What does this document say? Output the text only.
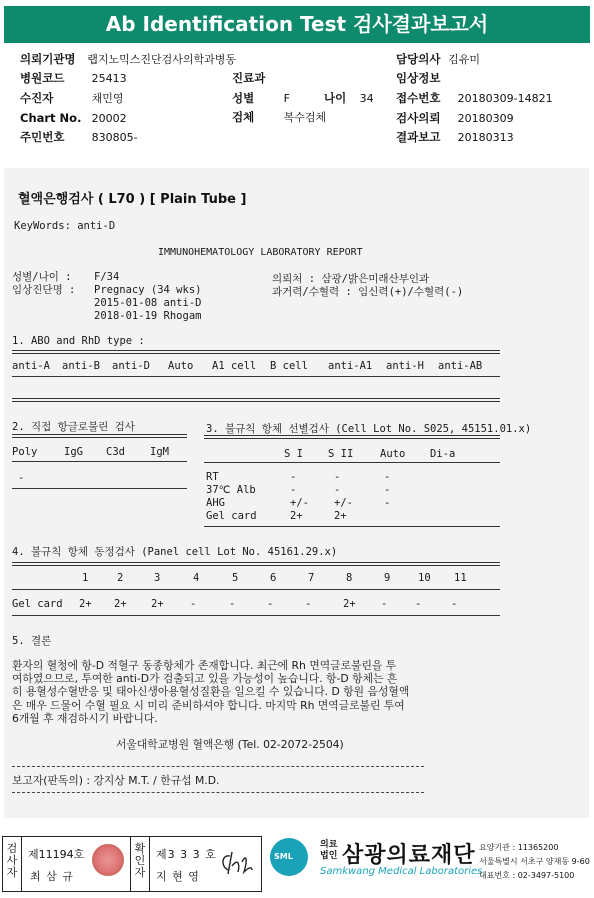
Ab Identification Test 검사결과보고서
의뢰기관명 랩지노믹스진단검사의학과병동	담당의사 김유미
병원코드 25413	진료과	임상정보
수진자	채민영	성별	F	나이 34 접수번호 20180309-14821
Chart No. 20002	검체	복수검체	검사의뢰 20180309
주민번호 830805-	결과보고 20180313
혈액은행검사 ( L70 ) [ Plain Tube ]
KeyWords: anti-D
IMMUNOHEMATOLOGY LABORATORY REPORT
성별/나이 : F/34
임상진단명 : Pregnacy (34 wks)
2015-01-08 anti-D
2018-01-19 Rhogam
의뢰처 : 삼광/밝은미래산부인과
과거력/수혈력 : 임신력(+)/수혈력(-)
1. ABO and RhD type :
anti-A anti-B anti-D Auto A1 cell B cell anti-A1 anti-H anti-AB
2. 직접 항글로불린 검사
Poly	IgG C3d IgM
-
3. 불규칙 항체 선별검사 (Cell Lot No. S025, 45151.01.x)
S I S II	Auto Di-a
RT	-	-	-
37℃ Alb	-	-	-
AHG	+/- +/-	-
Gel card	2+	2+
4. 불규칙 항체 동정검사 (Panel cell Lot No. 45161.29.x)
1	2	3	4	5	6	7	8	9	10 11
Gel card 2+ 2+ 2+	-	-	-	-	2+ -	-	-
5. 결론
환자의 혈청에 항-D 적혈구 동종항체가 존재합니다. 최근에 Rh 면역글로불린을 투
여하였으므로, 투여한 anti-D가 검출되고 있을 가능성이 높습니다. 항-D 항체는 흔
히 용혈성수혈반응 및 태아신생아용혈성질환을 일으킬 수 있습니다. D 항원 음성혈액
은 매우 드물어 수혈 필요 시 미리 준비하셔야 합니다. 마지막 Rh 면역글로불린 투여
6개월 후 재검하시기 바랍니다.
서울대학교병원 혈액은행 (Tel. 02-2072-2504)
보고자(판독의) : 강지상 M.T. / 한규섭 M.D.
검
사
자
제11194호
최 삼 규
확
인
자
제3 3 3 호
지 현 영
SML
의료법인 삼광의료재단
Samkwang Medical Laboratories
요양기관 : 11365200
서울특별시 서초구 양재동 9-60
대표번호 : 02-3497-5100
